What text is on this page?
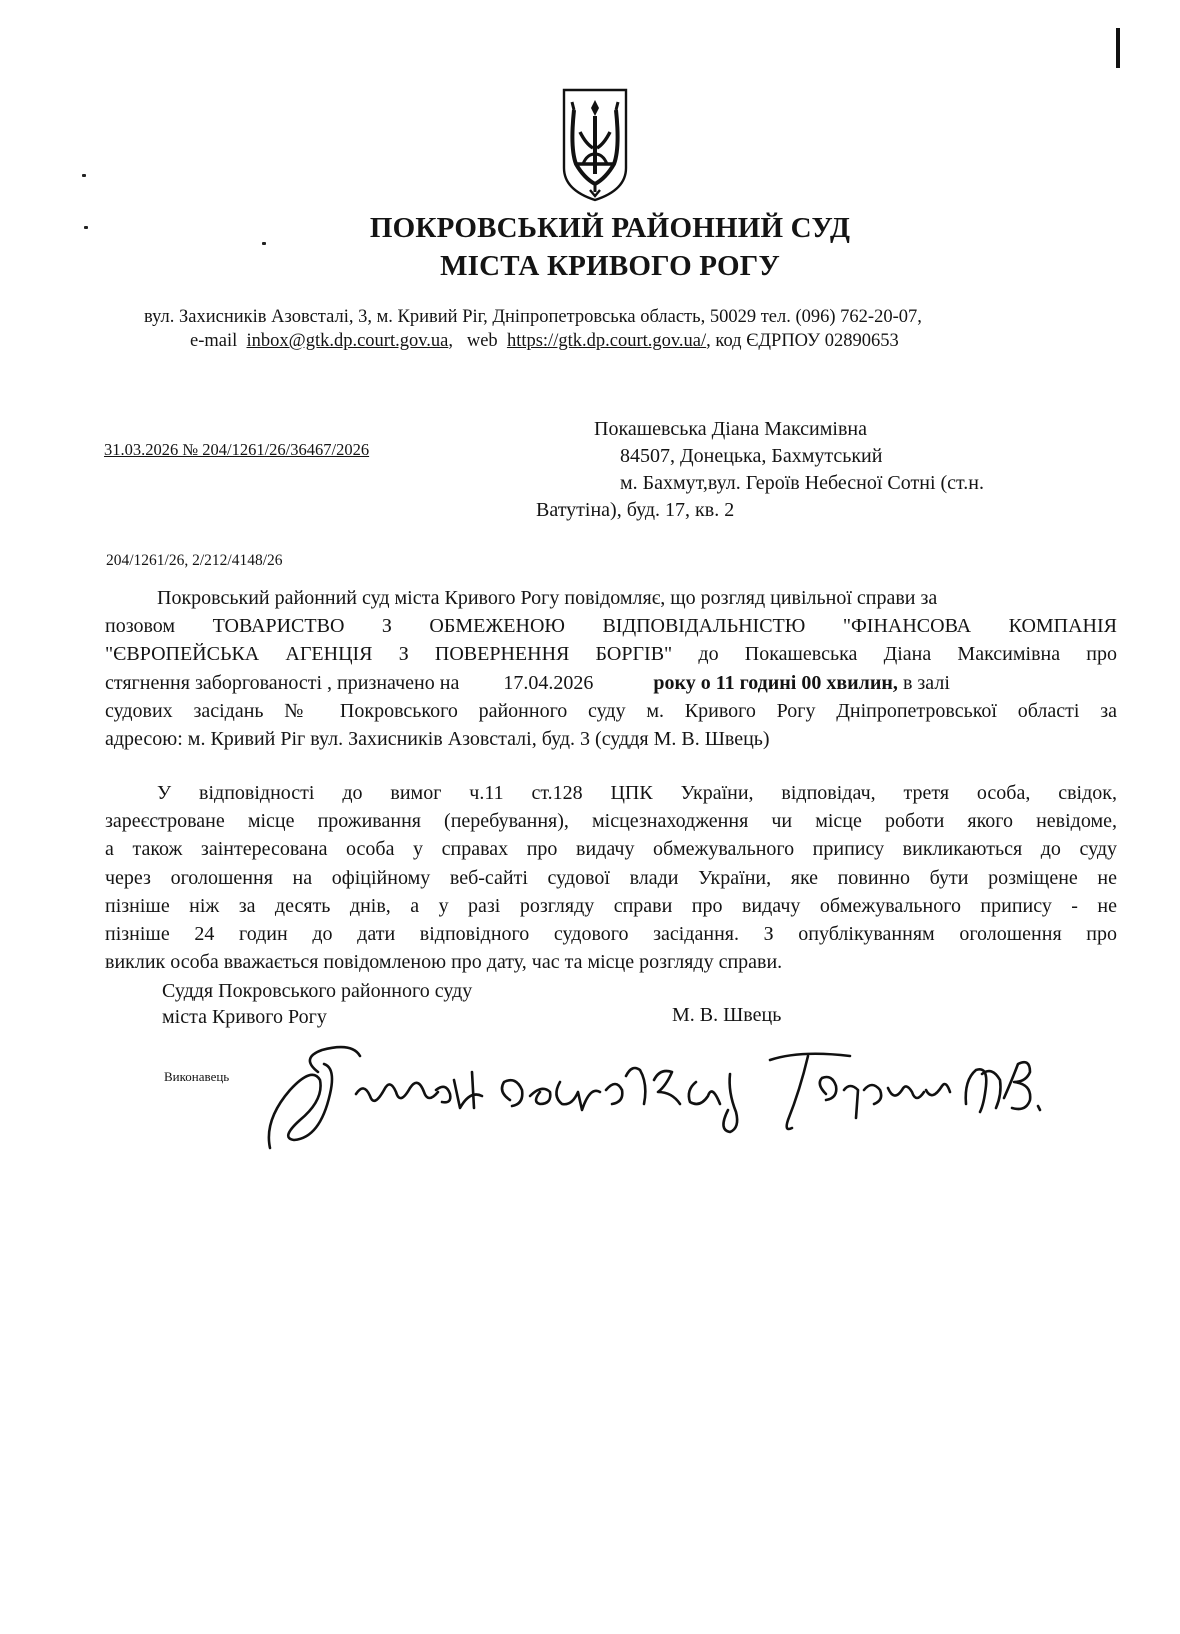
ПОКРОВСЬКИЙ РАЙОННИЙ СУД
МІСТА КРИВОГО РОГУ
вул. Захисників Азовсталі, 3, м. Кривий Ріг, Дніпропетровська область, 50029 тел. (096) 762-20-07,
e-mail inbox@gtk.dp.court.gov.ua,   web https://gtk.dp.court.gov.ua/, код ЄДРПОУ 02890653
31.03.2026 № 204/1261/26/36467/2026
Покашевська Діана Максимівна
84507, Донецька, Бахмутський
м. Бахмут,вул. Героїв Небесної Сотні (ст.н.
Ватутіна), буд. 17, кв. 2
204/1261/26, 2/212/4148/26
Покровський районний суд міста Кривого Рогу повідомляє, що розгляд цивільної справи за
позовом ТОВАРИСТВО З ОБМЕЖЕНОЮ ВІДПОВІДАЛЬНІСТЮ "ФІНАНСОВА КОМПАНІЯ
"ЄВРОПЕЙСЬКА АГЕНЦІЯ З ПОВЕРНЕННЯ БОРГІВ" до Покашевська Діана Максимівна про
стягнення заборгованості , призначено на 17.04.2026	року о 11 годині 00 хвилин, в залі
судових засідань № Покровського районного суду м. Кривого Рогу Дніпропетровської області за
адресою: м. Кривий Ріг вул. Захисників Азовсталі, буд. 3 (суддя М. В. Швець)
У відповідності до вимог ч.11 ст.128 ЦПК України, відповідач, третя особа, свідок,
зареєстроване місце проживання (перебування), місцезнаходження чи місце роботи якого невідоме,
а також заінтересована особа у справах про видачу обмежувального припису викликаються до суду
через оголошення на офіційному веб-сайті судової влади України, яке повинно бути розміщене не
пізніше ніж за десять днів, а у разі розгляду справи про видачу обмежувального припису - не
пізніше 24 годин до дати відповідного судового засідання. З опублікуванням оголошення про
виклик особа вважається повідомленою про дату, час та місце розгляду справи.
Суддя Покровського районного суду
міста Кривого Рогу	М. В. Швець
Виконавець
